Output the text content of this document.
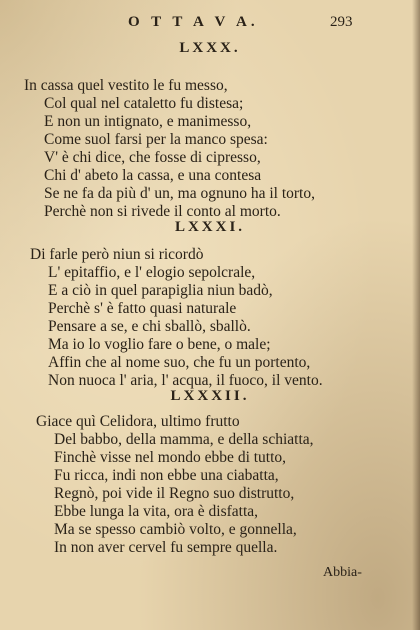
O T T A V A.	293
LXXX.
In cassa quel vestito le fu messo,
Col qual nel cataletto fu distesa;
E non un intignato, e manimesso,
Come suol farsi per la manco spesa:
V' è chi dice, che fosse di cipresso,
Chi d' abeto la cassa, e una contesa
Se ne fa da più d' un, ma ognuno ha il torto,
Perchè non si rivede il conto al morto.
LXXXI.
Di farle però niun si ricordò
L' epitaffio, e l' elogio sepolcrale,
E a ciò in quel parapiglia niun badò,
Perchè s' è fatto quasi naturale
Pensare a se, e chi sballò, sballò.
Ma io lo voglio fare o bene, o male;
Affin che al nome suo, che fu un portento,
Non nuoca l' aria, l' acqua, il fuoco, il vento.
LXXXII.
Giace quì Celidora, ultimo frutto
Del babbo, della mamma, e della schiatta,
Finchè visse nel mondo ebbe di tutto,
Fu ricca, indi non ebbe una ciabatta,
Regnò, poi vide il Regno suo distrutto,
Ebbe lunga la vita, ora è disfatta,
Ma se spesso cambiò volto, e gonnella,
In non aver cervel fu sempre quella.
Abbia-
